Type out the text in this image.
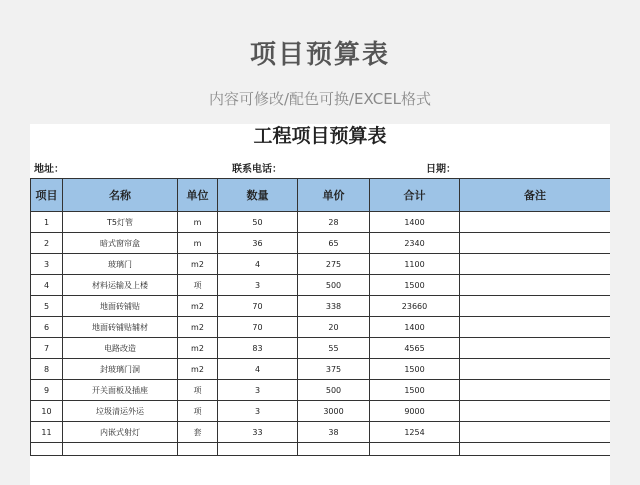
项目预算表
内容可修改/配色可换/EXCEL格式
工程项目预算表
地址：	联系电话：	日期：
项目	名称	单位	数量	单价	合计	备注
1	T5灯管	m	50	28	1400	
2	暗式窗帘盒	m	36	65	2340	
3	玻璃门	m2	4	275	1100	
4	材料运输及上楼	项	3	500	1500	
5	地面砖铺贴	m2	70	338	23660	
6	地面砖铺贴辅材	m2	70	20	1400	
7	电路改造	m2	83	55	4565	
8	封玻璃门洞	m2	4	375	1500	
9	开关面板及插座	项	3	500	1500	
10	垃圾清运外运	项	3	3000	9000	
11	内嵌式射灯	套	33	38	1254	
